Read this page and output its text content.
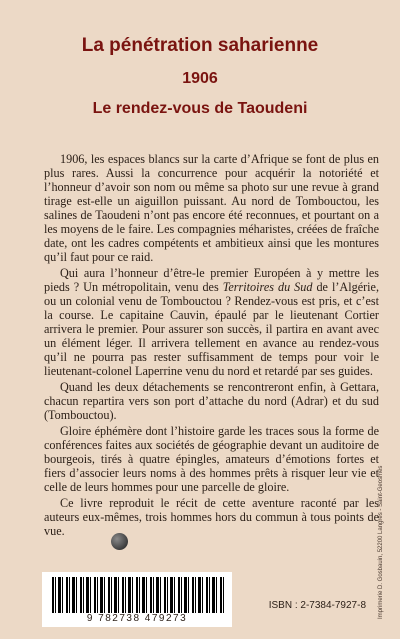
La pénétration saharienne
1906
Le rendez-vous de Taoudeni

1906, les espaces blancs sur la carte d’Afrique se font de plus en plus rares. Aussi la concurrence pour acquérir la notoriété et l’honneur d’avoir son nom ou même sa photo sur une revue à grand tirage est-elle un aiguillon puissant. Au nord de Tombouctou, les salines de Taoudeni n’ont pas encore été reconnues, et pourtant on a les moyens de le faire. Les compagnies méharistes, créées de fraîche date, ont les cadres compétents et ambitieux ainsi que les montures qu’il faut pour ce raid.

Qui aura l’honneur d’être-le premier Européen à y mettre les pieds ? Un métropolitain, venu des Territoires du Sud de l’Algérie, ou un colonial venu de Tombouctou ? Rendez-vous est pris, et c’est la course. Le capitaine Cauvin, épaulé par le lieutenant Cortier arrivera le premier. Pour assurer son succès, il partira en avant avec un élément léger. Il arrivera tellement en avance au rendez-vous qu’il ne pourra pas rester suffisamment de temps pour voir le lieutenant-colonel Laperrine venu du nord et retardé par ses guides.

Quand les deux détachements se rencontreront enfin, à Gettara, chacun repartira vers son port d’attache du nord (Adrar) et du sud (Tombouctou).

Gloire éphémère dont l’histoire garde les traces sous la forme de conférences faites aux sociétés de géographie devant un auditoire de bourgeois, tirés à quatre épingles, amateurs d’émotions fortes et fiers d’associer leurs noms à des hommes prêts à risquer leur vie et celle de leurs hommes pour une parcelle de gloire.

Ce livre reproduit le récit de cette aventure raconté par les auteurs eux-mêmes, trois hommes hors du commun à tous points de vue.

9 782738 479273
ISBN : 2-7384-7927-8 Imprimerie D. Gosbauin, 52200 Langres - Saint-Geosmes
